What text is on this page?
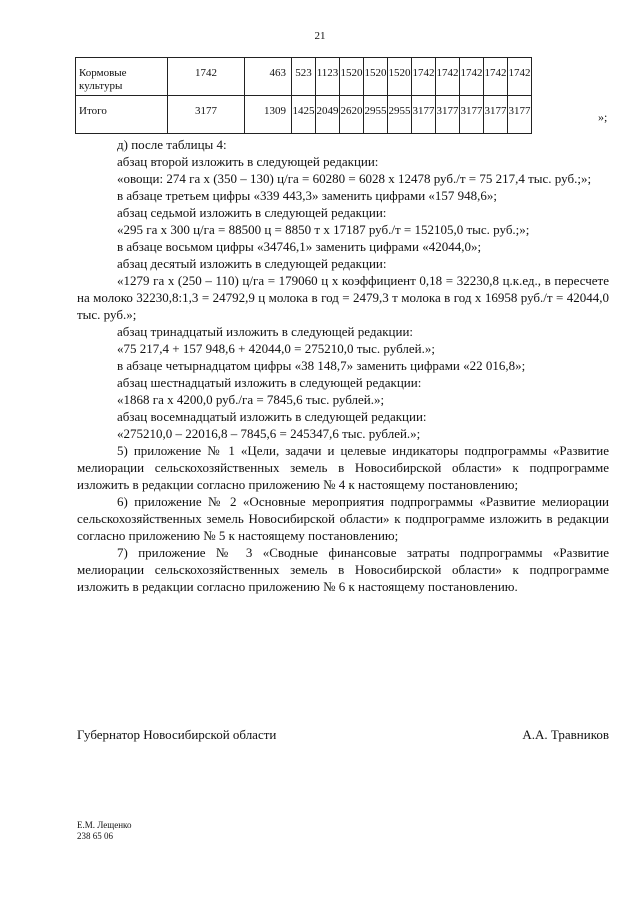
21
Кормовые культуры	1742	463	523	1123	1520	1520	1520	1742	1742	1742	1742	1742
Итого	3177	1309	1425	2049	2620	2955	2955	3177	3177	3177	3177	3177	»;

д) после таблицы 4:

абзац второй изложить в следующей редакции:

«овощи: 274 га х (350 – 130) ц/га = 60280 = 6028 х 12478 руб./т = 75 217,4 тыс. руб.;»;

в абзаце третьем цифры «339 443,3» заменить цифрами «157 948,6»;

абзац седьмой изложить в следующей редакции:

«295 га х 300 ц/га = 88500 ц = 8850 т х 17187 руб./т = 152105,0 тыс. руб.;»;

в абзаце восьмом цифры «34746,1» заменить цифрами «42044,0»;

абзац десятый изложить в следующей редакции:

«1279 га х (250 – 110) ц/га = 179060 ц х коэффициент 0,18 = 32230,8 ц.к.ед., в пересчете на молоко 32230,8:1,3 = 24792,9 ц молока в год = 2479,3 т молока в год х 16958 руб./т = 42044,0 тыс. руб.»;

абзац тринадцатый изложить в следующей редакции:

«75 217,4 + 157 948,6 + 42044,0 = 275210,0 тыс. рублей.»;

в абзаце четырнадцатом цифры «38 148,7» заменить цифрами «22 016,8»;

абзац шестнадцатый изложить в следующей редакции:

«1868 га х 4200,0 руб./га = 7845,6 тыс. рублей.»;

абзац восемнадцатый изложить в следующей редакции:

«275210,0 – 22016,8 – 7845,6 = 245347,6 тыс. рублей.»;

5) приложение № 1 «Цели, задачи и целевые индикаторы подпрограммы «Развитие мелиорации сельскохозяйственных земель в Новосибирской области» к подпрограмме изложить в редакции согласно приложению № 4 к настоящему постановлению;

6) приложение № 2 «Основные мероприятия подпрограммы «Развитие мелиорации сельскохозяйственных земель Новосибирской области» к подпрограмме изложить в редакции согласно приложению № 5 к настоящему постановлению;

7) приложение № 3 «Сводные финансовые затраты подпрограммы «Развитие мелиорации сельскохозяйственных земель в Новосибирской области» к подпрограмме изложить в редакции согласно приложению № 6 к настоящему постановлению.

Губернатор Новосибирской области	А.А. Травников
Е.М. Лещенко
238 65 06
